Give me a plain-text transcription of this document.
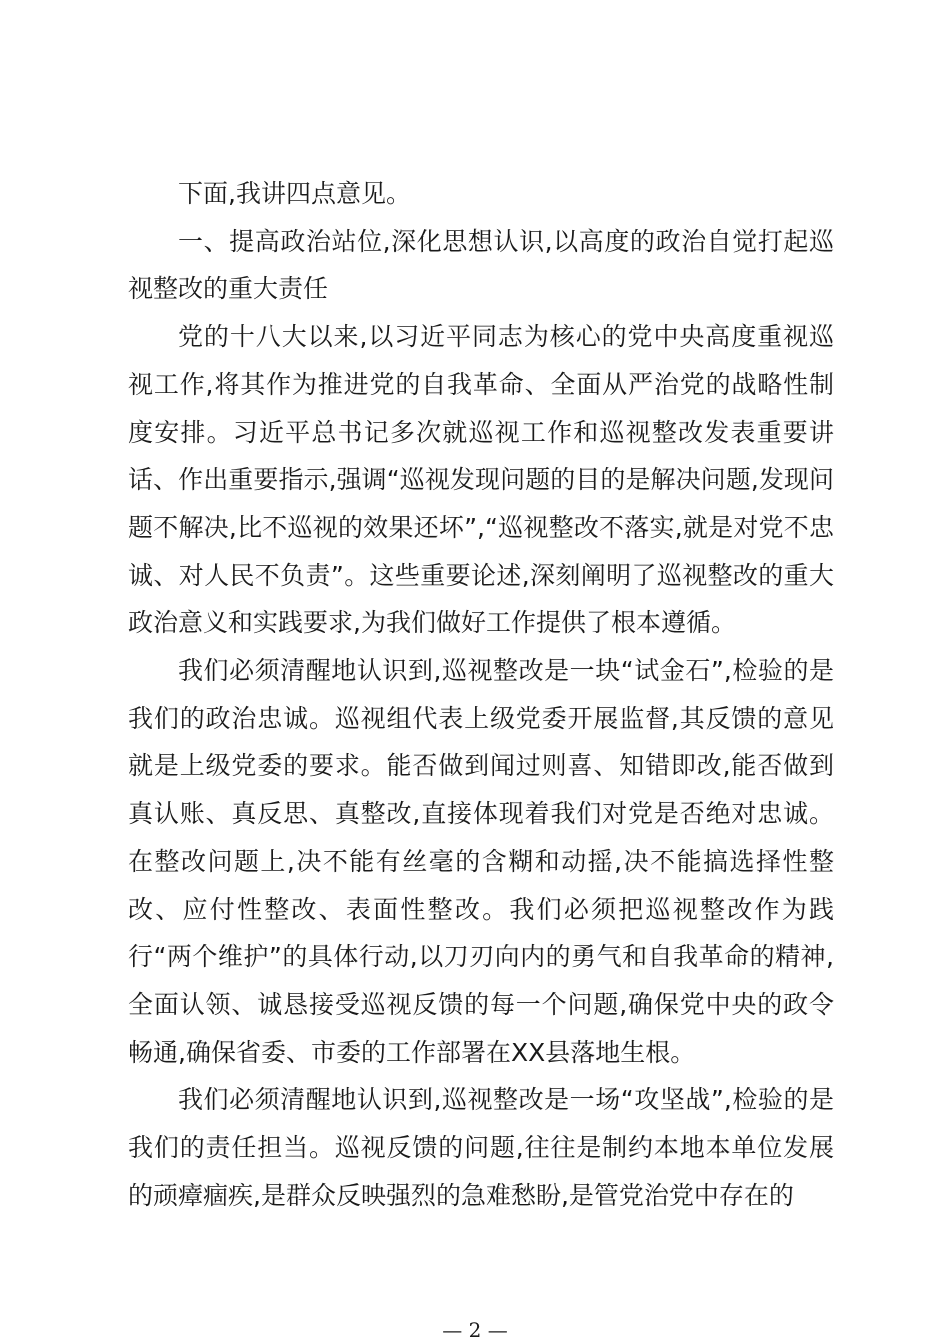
下面,我讲四点意见。

一、提高政治站位,深化思想认识,以高度的政治自觉打起巡视整改的重大责任

党的十八大以来,以习近平同志为核心的党中央高度重视巡视工作,将其作为推进党的自我革命、全面从严治党的战略性制度安排。习近平总书记多次就巡视工作和巡视整改发表重要讲话、作出重要指示,强调“巡视发现问题的目的是解决问题,发现问题不解决,比不巡视的效果还坏”,“巡视整改不落实,就是对党不忠诚、对人民不负责”。这些重要论述,深刻阐明了巡视整改的重大政治意义和实践要求,为我们做好工作提供了根本遵循。

我们必须清醒地认识到,巡视整改是一块“试金石”,检验的是我们的政治忠诚。巡视组代表上级党委开展监督,其反馈的意见就是上级党委的要求。能否做到闻过则喜、知错即改,能否做到真认账、真反思、真整改,直接体现着我们对党是否绝对忠诚。在整改问题上,决不能有丝毫的含糊和动摇,决不能搞选择性整改、应付性整改、表面性整改。我们必须把巡视整改作为践行“两个维护”的具体行动,以刀刃向内的勇气和自我革命的精神,全面认领、诚恳接受巡视反馈的每一个问题,确保党中央的政令畅通,确保省委、市委的工作部署在XX县落地生根。

我们必须清醒地认识到,巡视整改是一场“攻坚战”,检验的是我们的责任担当。巡视反馈的问题,往往是制约本地本单位发展的顽瘴痼疾,是群众反映强烈的急难愁盼,是管党治党中存在的

— 2 —
